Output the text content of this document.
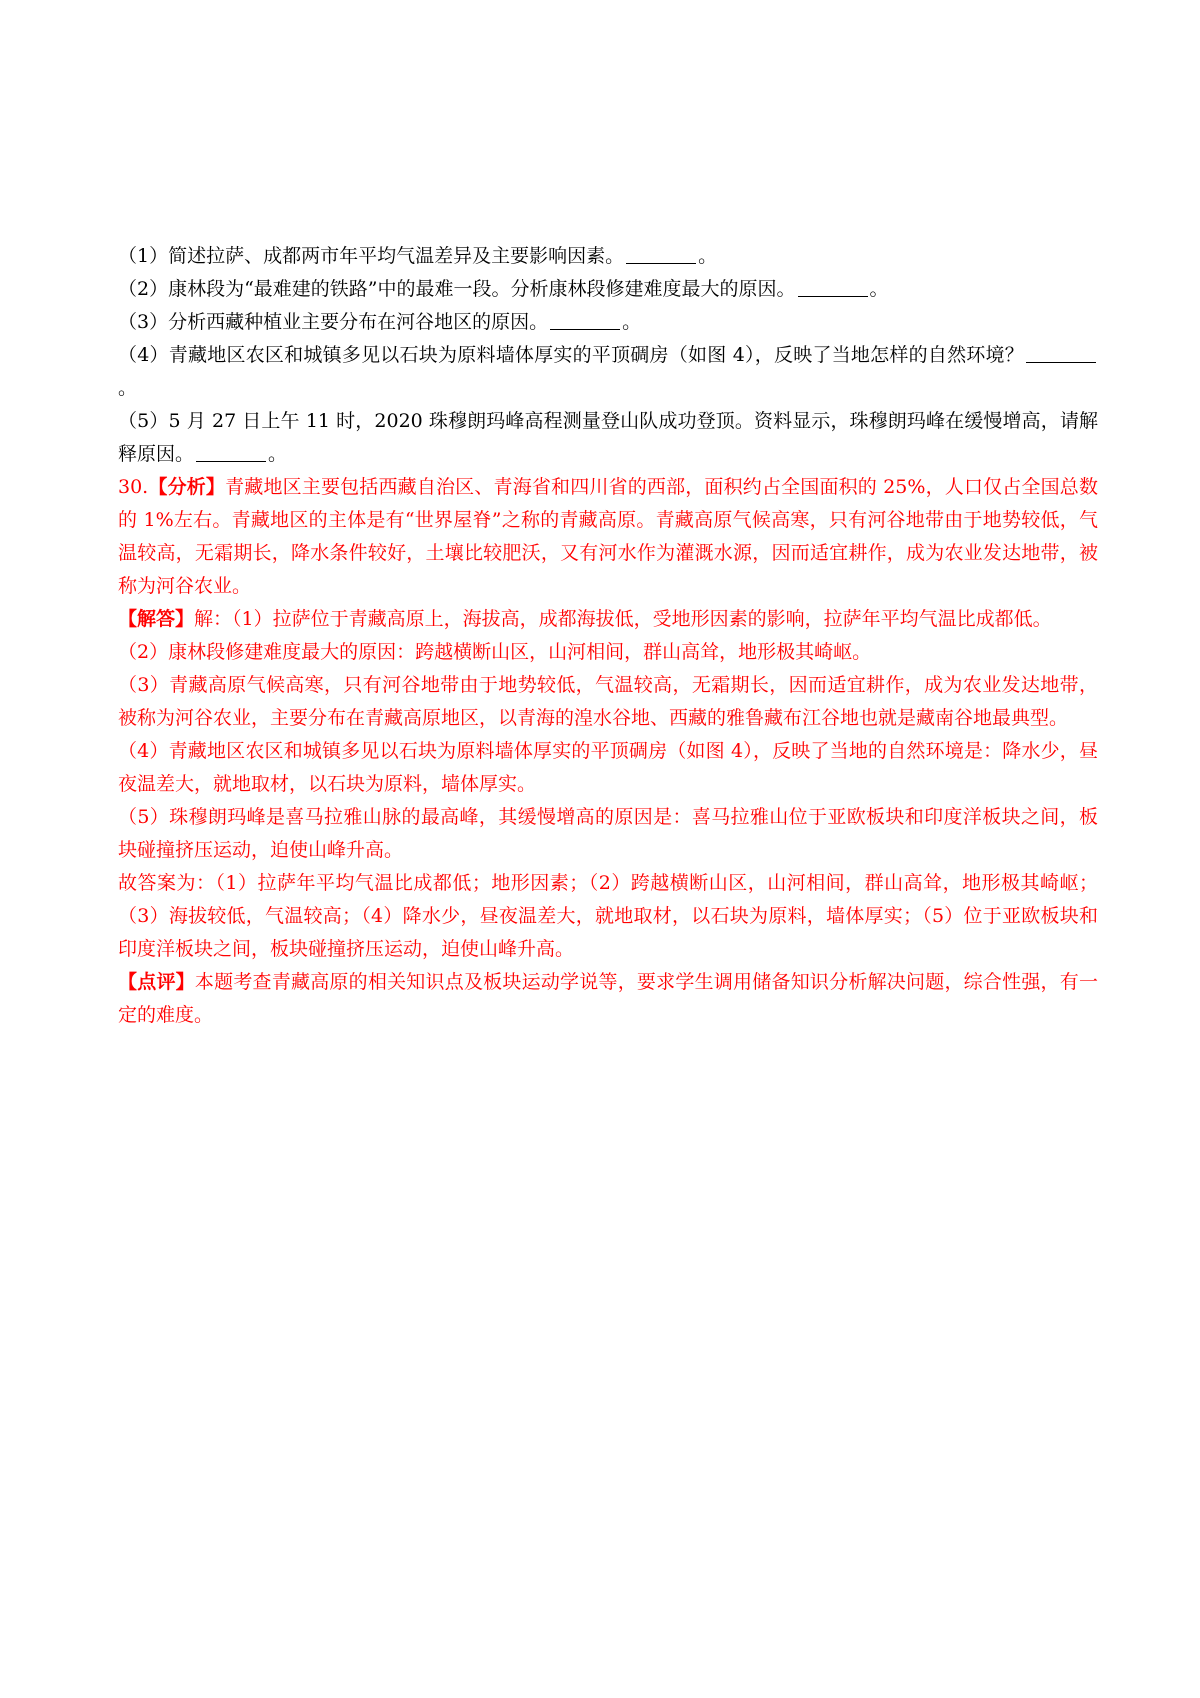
（1）简述拉萨、成都两市年平均气温差异及主要影响因素。	。

（2）康林段为“最难建的铁路”中的最难一段。分析康林段修建难度最大的原因。	。

（3）分析西藏种植业主要分布在河谷地区的原因。	。

（4）青藏地区农区和城镇多见以石块为原料墙体厚实的平顶碉房（如图 4），反映了当地怎样的自然环境？。

（5）5 月 27 日上午 11 时，2020 珠穆朗玛峰高程测量登山队成功登顶。资料显示，珠穆朗玛峰在缓慢增高，请解释原因。	。

30.【分析】青藏地区主要包括西藏自治区、青海省和四川省的西部，面积约占全国面积的 25%，人口仅占全国总数的 1%左右。青藏地区的主体是有“世界屋脊”之称的青藏高原。青藏高原气候高寒，只有河谷地带由于地势较低，气温较高，无霜期长，降水条件较好，土壤比较肥沃，又有河水作为灌溉水源，因而适宜耕作，成为农业发达地带，被称为河谷农业。

【解答】解：（1）拉萨位于青藏高原上，海拔高，成都海拔低，受地形因素的影响，拉萨年平均气温比成都低。

（2）康林段修建难度最大的原因：跨越横断山区，山河相间，群山高耸，地形极其崎岖。

（3）青藏高原气候高寒，只有河谷地带由于地势较低，气温较高，无霜期长，因而适宜耕作，成为农业发达地带，被称为河谷农业，主要分布在青藏高原地区，以青海的湟水谷地、西藏的雅鲁藏布江谷地也就是藏南谷地最典型。

（4）青藏地区农区和城镇多见以石块为原料墙体厚实的平顶碉房（如图 4），反映了当地的自然环境是：降水少，昼夜温差大，就地取材，以石块为原料，墙体厚实。

（5）珠穆朗玛峰是喜马拉雅山脉的最高峰，其缓慢增高的原因是：喜马拉雅山位于亚欧板块和印度洋板块之间，板块碰撞挤压运动，迫使山峰升高。

故答案为：（1）拉萨年平均气温比成都低；地形因素；（2）跨越横断山区，山河相间，群山高耸，地形极其崎岖；（3）海拔较低，气温较高；（4）降水少，昼夜温差大，就地取材，以石块为原料，墙体厚实；（5）位于亚欧板块和印度洋板块之间，板块碰撞挤压运动，迫使山峰升高。

【点评】本题考查青藏高原的相关知识点及板块运动学说等，要求学生调用储备知识分析解决问题，综合性强，有一定的难度。
